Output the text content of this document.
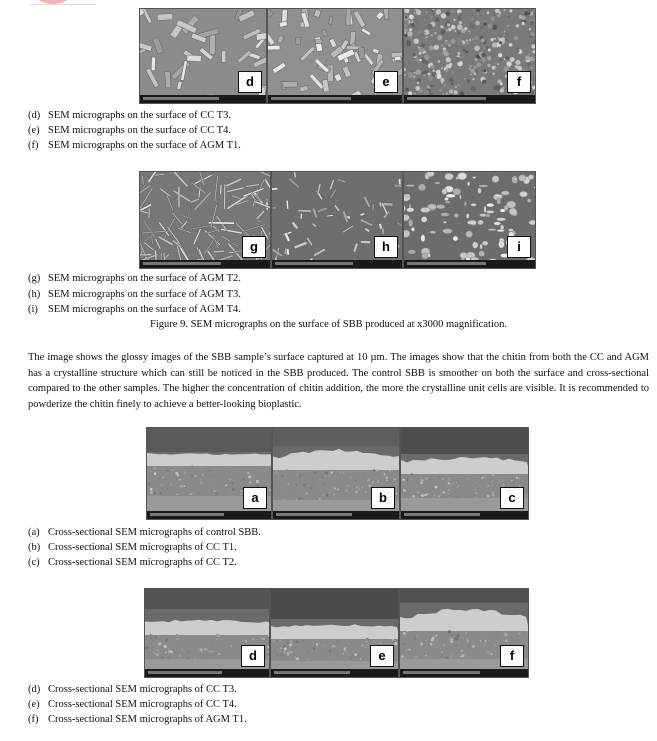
d	e	f
(d) SEM micrographs on the surface of CC T3.
(e) SEM micrographs on the surface of CC T4.
(f) SEM micrographs on the surface of AGM T1.
g	h	i
(g) SEM micrographs on the surface of AGM T2.
(h) SEM micrographs on the surface of AGM T3.
(i) SEM micrographs on the surface of AGM T4.
Figure 9. SEM micrographs on the surface of SBB produced at x3000 magnification.
The image shows the glossy images of the SBB sample’s surface captured at 10 µm. The images show that the chitin from both the CC and AGM has a crystalline structure which can still be noticed in the SBB produced. The control SBB is smoother on both the surface and cross-sectional compared to the other samples. The higher the concentration of chitin addition, the more the crystalline unit cells are visible. It is recommended to powderize the chitin finely to achieve a better-looking bioplastic.
a	b	c
(a) Cross-sectional SEM micrographs of control SBB.
(b) Cross-sectional SEM micrographs of CC T1.
(c) Cross-sectional SEM micrographs of CC T2.
d	e	f
(d) Cross-sectional SEM micrographs of CC T3.
(e) Cross-sectional SEM micrographs of CC T4.
(f) Cross-sectional SEM micrographs of AGM T1.
